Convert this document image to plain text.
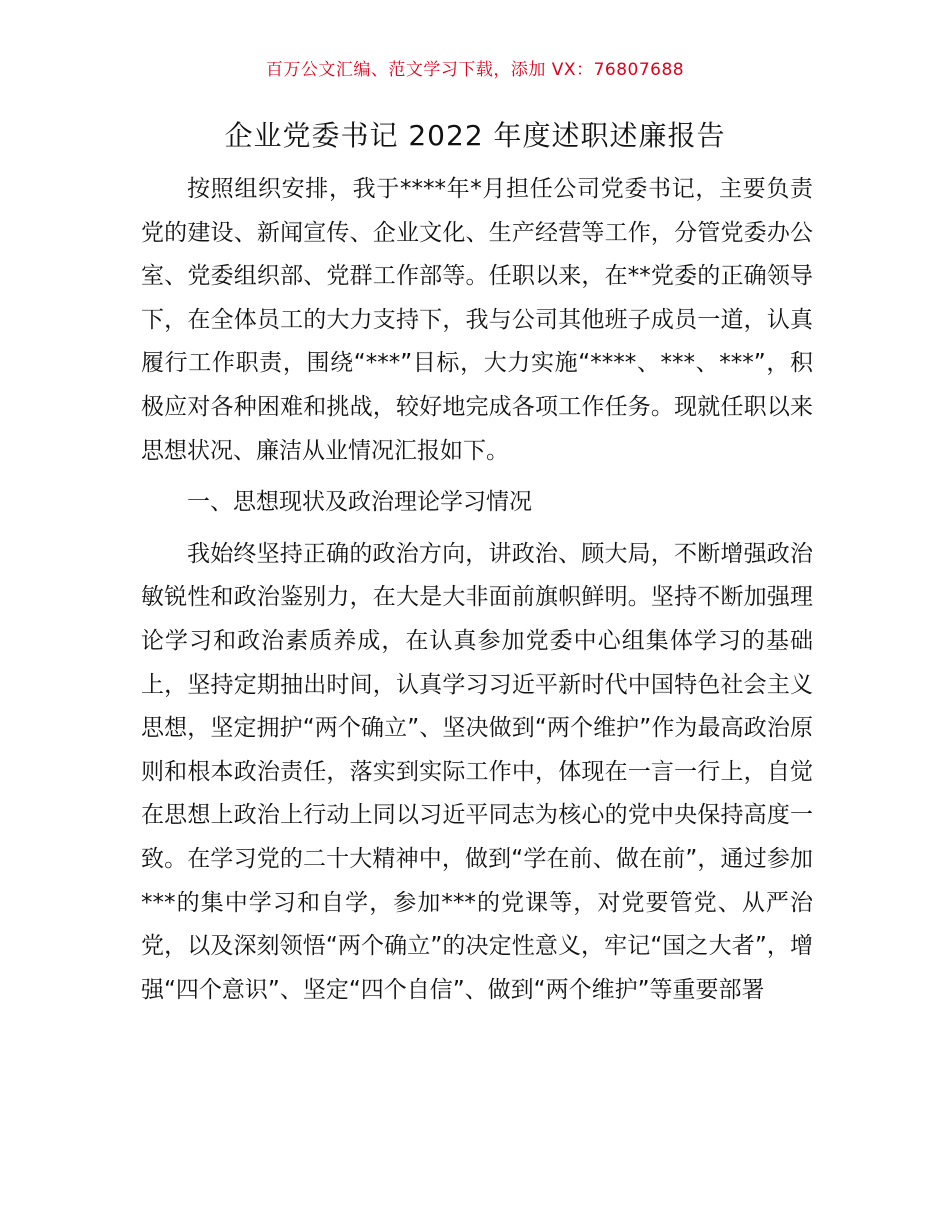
百万公文汇编、范文学习下载，添加 VX：76807688
企业党委书记 2022 年度述职述廉报告

按照组织安排，我于****年*月担任公司党委书记，主要负责党的建设、新闻宣传、企业文化、生产经营等工作，分管党委办公室、党委组织部、党群工作部等。任职以来，在**党委的正确领导下，在全体员工的大力支持下，我与公司其他班子成员一道，认真履行工作职责，围绕“***”目标，大力实施“****、***、***”，积极应对各种困难和挑战，较好地完成各项工作任务。现就任职以来思想状况、廉洁从业情况汇报如下。

一、思想现状及政治理论学习情况

我始终坚持正确的政治方向，讲政治、顾大局，不断增强政治敏锐性和政治鉴别力，在大是大非面前旗帜鲜明。坚持不断加强理论学习和政治素质养成，在认真参加党委中心组集体学习的基础上，坚持定期抽出时间，认真学习习近平新时代中国特色社会主义思想，坚定拥护“两个确立”、坚决做到“两个维护”作为最高政治原则和根本政治责任，落实到实际工作中，体现在一言一行上，自觉在思想上政治上行动上同以习近平同志为核心的党中央保持高度一致。在学习党的二十大精神中，做到“学在前、做在前”，通过参加***的集中学习和自学，参加***的党课等，对党要管党、从严治党，以及深刻领悟“两个确立”的决定性意义，牢记“国之大者”，增强“四个意识”、坚定“四个自信”、做到“两个维护”等重要部署
